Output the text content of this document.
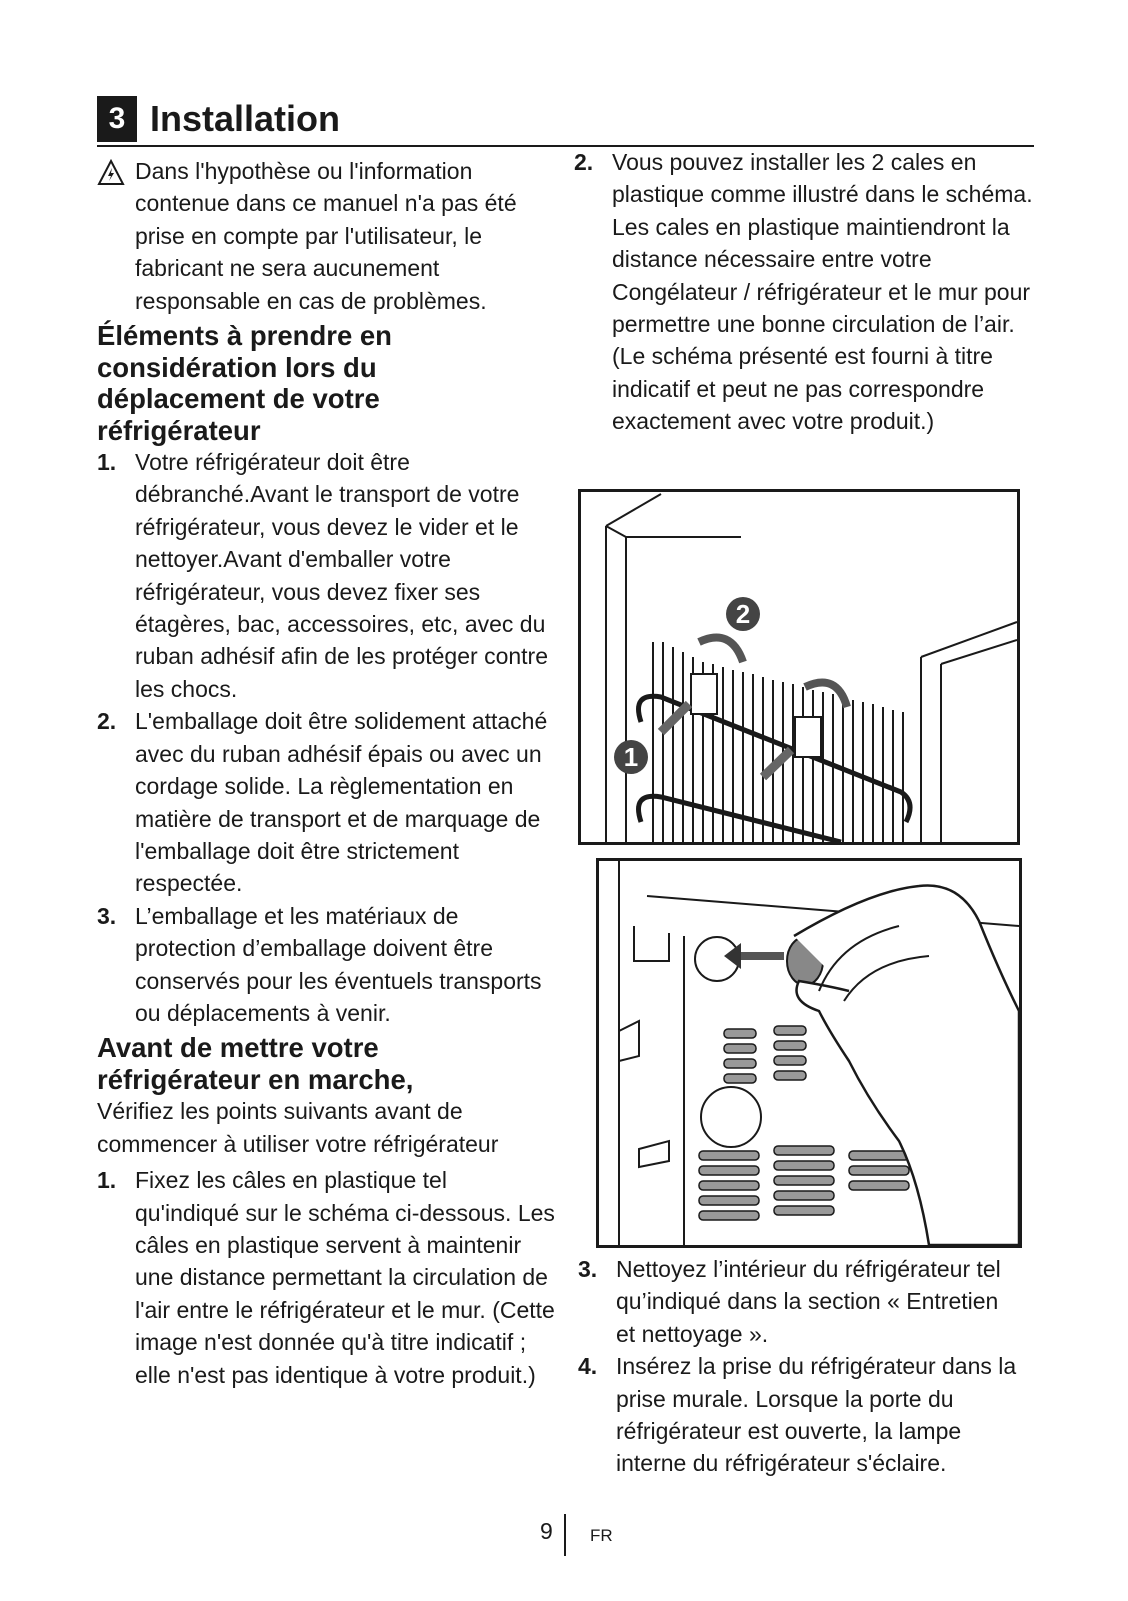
3 Installation

Dans l'hypothèse ou l'information contenue dans ce manuel n'a pas été prise en compte par l'utilisateur, le fabricant ne sera aucunement responsable en cas de problèmes.

Éléments à prendre en
considération lors du
déplacement de votre
réfrigérateur
1. Votre réfrigérateur doit être débranché.Avant le transport de votre réfrigérateur, vous devez le vider et le nettoyer.Avant d'emballer votre réfrigérateur, vous devez fixer ses étagères, bac, accessoires, etc, avec du ruban adhésif afin de les protéger contre les chocs.
2. L'emballage doit être solidement attaché avec du ruban adhésif épais ou avec un cordage solide. La règlementation en matière de transport et de marquage de l'emballage doit être strictement respectée.
3. L’emballage et les matériaux de protection d’emballage doivent être conservés pour les éventuels transports ou déplacements à venir.
Avant de mettre votre
réfrigérateur en marche,

Vérifiez les points suivants avant de commencer à utiliser votre réfrigérateur

1. Fixez les câles en plastique tel qu'indiqué sur le schéma ci-dessous. Les câles en plastique servent à maintenir une distance permettant la circulation de l'air entre le réfrigérateur et le mur. (Cette image n'est donnée qu'à titre indicatif ; elle n'est pas identique à votre produit.)
2. Vous pouvez installer les 2 cales en plastique comme illustré dans le schéma. Les cales en plastique maintiendront la distance nécessaire entre votre Congélateur / réfrigérateur et le mur pour permettre une bonne circulation de l’air. (Le schéma présenté est fourni à titre indicatif et peut ne pas correspondre exactement avec votre produit.)
2
1
3. Nettoyez l’intérieur du réfrigérateur tel qu’indiqué dans la section « Entretien et nettoyage ».
4. Insérez la prise du réfrigérateur dans la prise murale. Lorsque la porte du réfrigérateur est ouverte, la lampe interne du réfrigérateur s'éclaire.
9 FR
